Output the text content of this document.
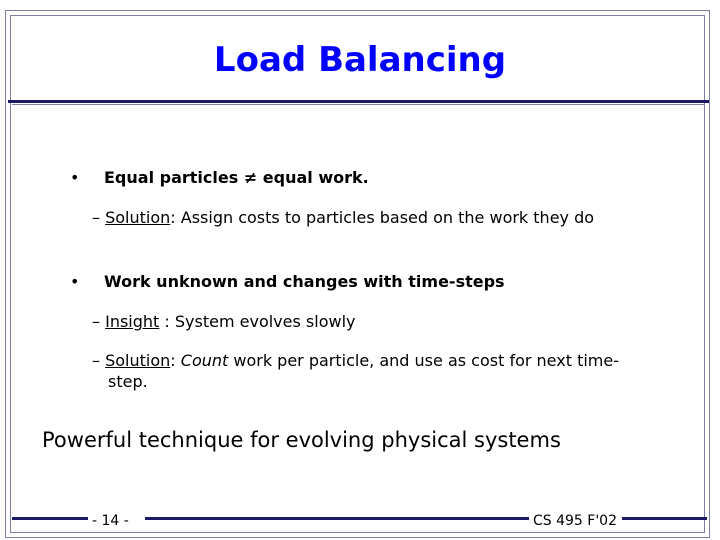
Load Balancing
• Equal particles ≠ equal work.
– Solution: Assign costs to particles based on the work they do
• Work unknown and changes with time-steps
– Insight : System evolves slowly
– Solution: Count work per particle, and use as cost for next time-
step.
Powerful technique for evolving physical systems
- 14 -	CS 495 F'02
